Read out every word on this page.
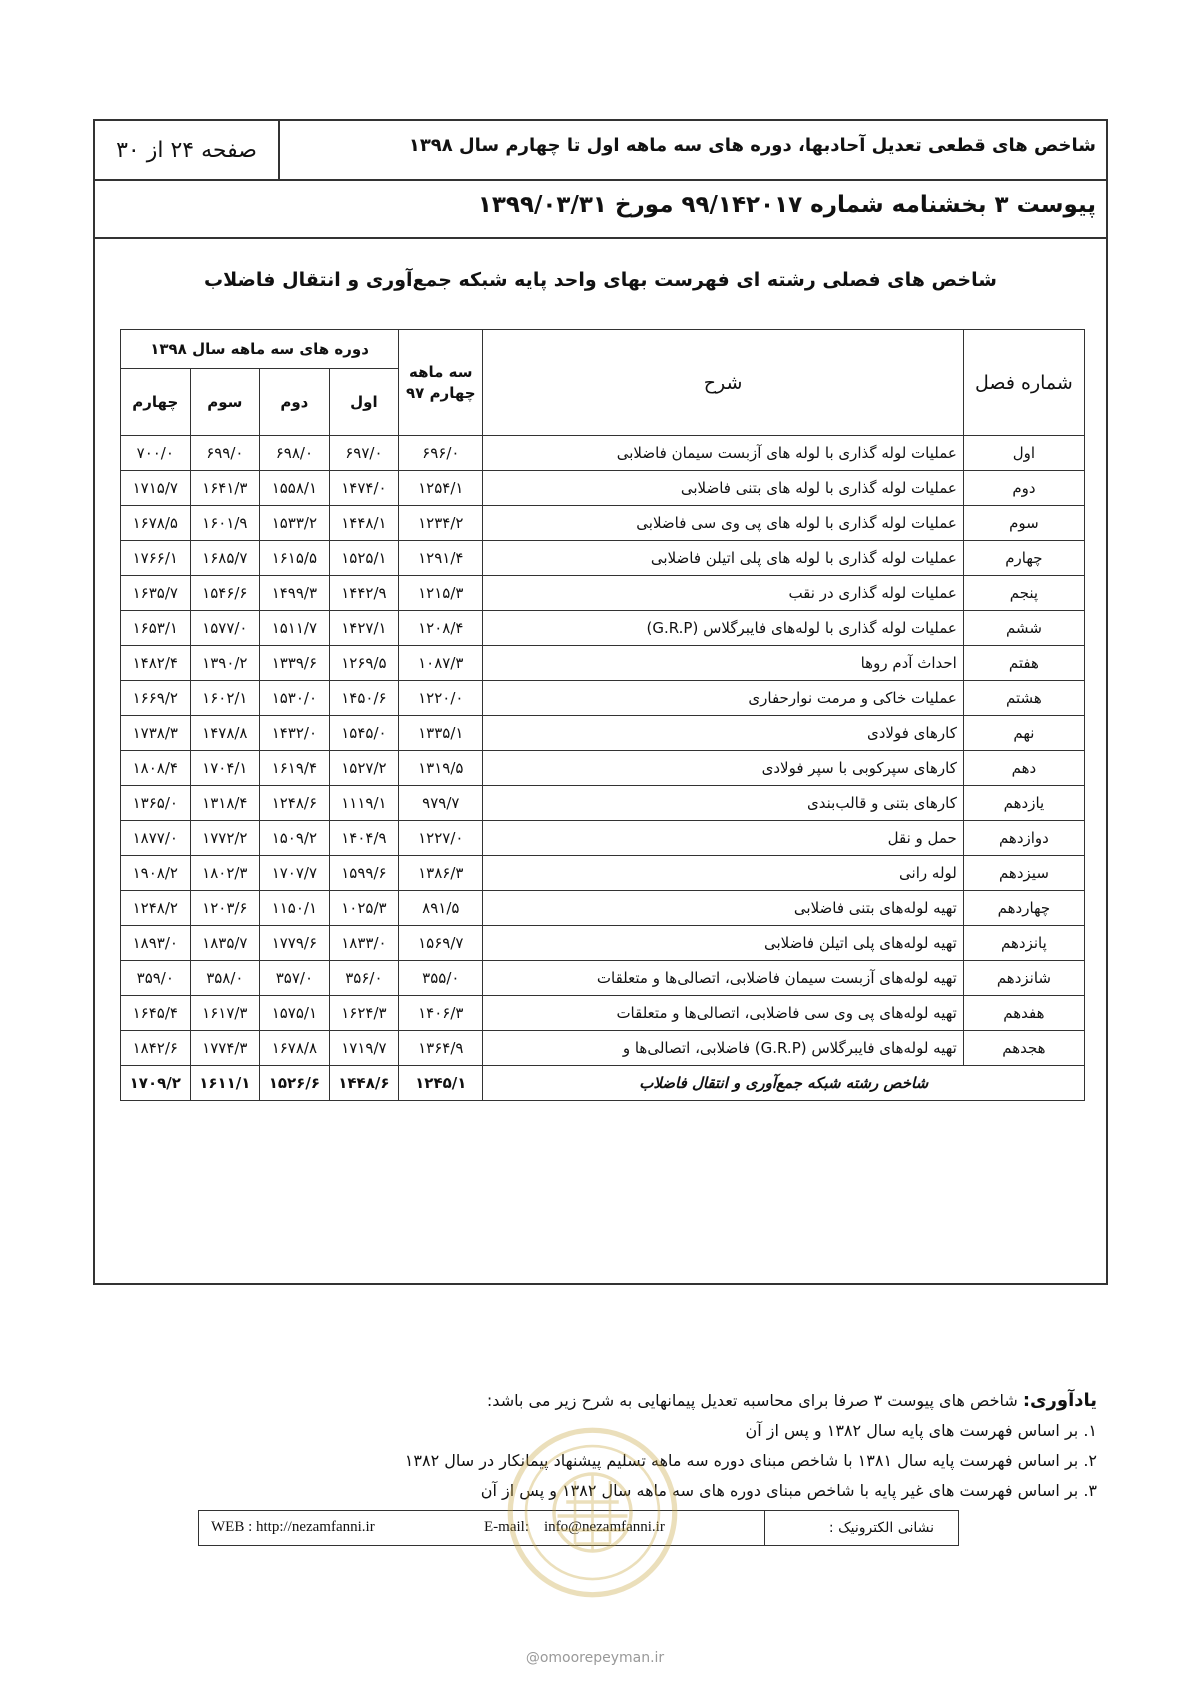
شاخص های قطعی تعدیل آحادبها، دوره های سه ماهه اول تا چهارم سال ۱۳۹۸
صفحه ۲۴ از ۳۰
پیوست ۳ بخشنامه شماره ۹۹/۱۴۲۰۱۷ مورخ ۱۳۹۹/۰۳/۳۱
شاخص های فصلی رشته ای فهرست بهای واحد پایه شبکه جمع‌آوری و انتقال فاضلاب
شماره فصل	شرح	سه ماهه چهارم ۹۷	دوره های سه ماهه سال ۱۳۹۸			
			اول	دوم	سوم	چهارم
اول	عملیات لوله گذاری با لوله های آزبست سیمان فاضلابی	۶۹۶/۰	۶۹۷/۰	۶۹۸/۰	۶۹۹/۰	۷۰۰/۰
دوم	عملیات لوله گذاری با لوله های بتنی فاضلابی	۱۲۵۴/۱	۱۴۷۴/۰	۱۵۵۸/۱	۱۶۴۱/۳	۱۷۱۵/۷
سوم	عملیات لوله گذاری با لوله های پی وی سی فاضلابی	۱۲۳۴/۲	۱۴۴۸/۱	۱۵۳۳/۲	۱۶۰۱/۹	۱۶۷۸/۵
چهارم	عملیات لوله گذاری با لوله های پلی اتیلن فاضلابی	۱۲۹۱/۴	۱۵۲۵/۱	۱۶۱۵/۵	۱۶۸۵/۷	۱۷۶۶/۱
پنجم	عملیات لوله گذاری در نقب	۱۲۱۵/۳	۱۴۴۲/۹	۱۴۹۹/۳	۱۵۴۶/۶	۱۶۳۵/۷
ششم	عملیات لوله گذاری با لوله‌های فایبرگلاس (G.R.P)	۱۲۰۸/۴	۱۴۲۷/۱	۱۵۱۱/۷	۱۵۷۷/۰	۱۶۵۳/۱
هفتم	احداث آدم روها	۱۰۸۷/۳	۱۲۶۹/۵	۱۳۳۹/۶	۱۳۹۰/۲	۱۴۸۲/۴
هشتم	عملیات خاکی و مرمت نوارحفاری	۱۲۲۰/۰	۱۴۵۰/۶	۱۵۳۰/۰	۱۶۰۲/۱	۱۶۶۹/۲
نهم	کارهای فولادی	۱۳۳۵/۱	۱۵۴۵/۰	۱۴۳۲/۰	۱۴۷۸/۸	۱۷۳۸/۳
دهم	کارهای سپرکوبی با سپر فولادی	۱۳۱۹/۵	۱۵۲۷/۲	۱۶۱۹/۴	۱۷۰۴/۱	۱۸۰۸/۴
یازدهم	کارهای بتنی و قالب‌بندی	۹۷۹/۷	۱۱۱۹/۱	۱۲۴۸/۶	۱۳۱۸/۴	۱۳۶۵/۰
دوازدهم	حمل و نقل	۱۲۲۷/۰	۱۴۰۴/۹	۱۵۰۹/۲	۱۷۷۲/۲	۱۸۷۷/۰
سیزدهم	لوله رانی	۱۳۸۶/۳	۱۵۹۹/۶	۱۷۰۷/۷	۱۸۰۲/۳	۱۹۰۸/۲
چهاردهم	تهیه لوله‌های بتنی فاضلابی	۸۹۱/۵	۱۰۲۵/۳	۱۱۵۰/۱	۱۲۰۳/۶	۱۲۴۸/۲
پانزدهم	تهیه لوله‌های پلی اتیلن فاضلابی	۱۵۶۹/۷	۱۸۳۳/۰	۱۷۷۹/۶	۱۸۳۵/۷	۱۸۹۳/۰
شانزدهم	تهیه لوله‌های آزبست سیمان فاضلابی، اتصالی‌ها و متعلقات	۳۵۵/۰	۳۵۶/۰	۳۵۷/۰	۳۵۸/۰	۳۵۹/۰
هفدهم	تهیه لوله‌های پی وی سی فاضلابی، اتصالی‌ها و متعلقات	۱۴۰۶/۳	۱۶۲۴/۳	۱۵۷۵/۱	۱۶۱۷/۳	۱۶۴۵/۴
هجدهم	تهیه لوله‌های فایبرگلاس (G.R.P) فاضلابی، اتصالی‌ها و	۱۳۶۴/۹	۱۷۱۹/۷	۱۶۷۸/۸	۱۷۷۴/۳	۱۸۴۲/۶
شاخص رشته شبکه جمع‌آوری و انتقال فاضلاب		۱۲۴۵/۱	۱۴۴۸/۶	۱۵۲۶/۶	۱۶۱۱/۱	۱۷۰۹/۲
یادآوری: شاخص های پیوست ۳ صرفا برای محاسبه تعدیل پیمانهایی به شرح زیر می باشد:
۱. بر اساس فهرست های پایه سال ۱۳۸۲ و پس از آن
۲. بر اساس فهرست پایه سال ۱۳۸۱ با شاخص مبنای دوره سه ماهه تسلیم پیشنهاد پیمانکار در سال ۱۳۸۲
۳. بر اساس فهرست های غیر پایه با شاخص مبنای دوره های سه ماهه سال ۱۳۸۲ و پس از آن
نشانی الکترونیک :
E-mail: info@nezamfanni.ir
WEB : http://nezamfanni.ir
@omoorepeyman.ir
